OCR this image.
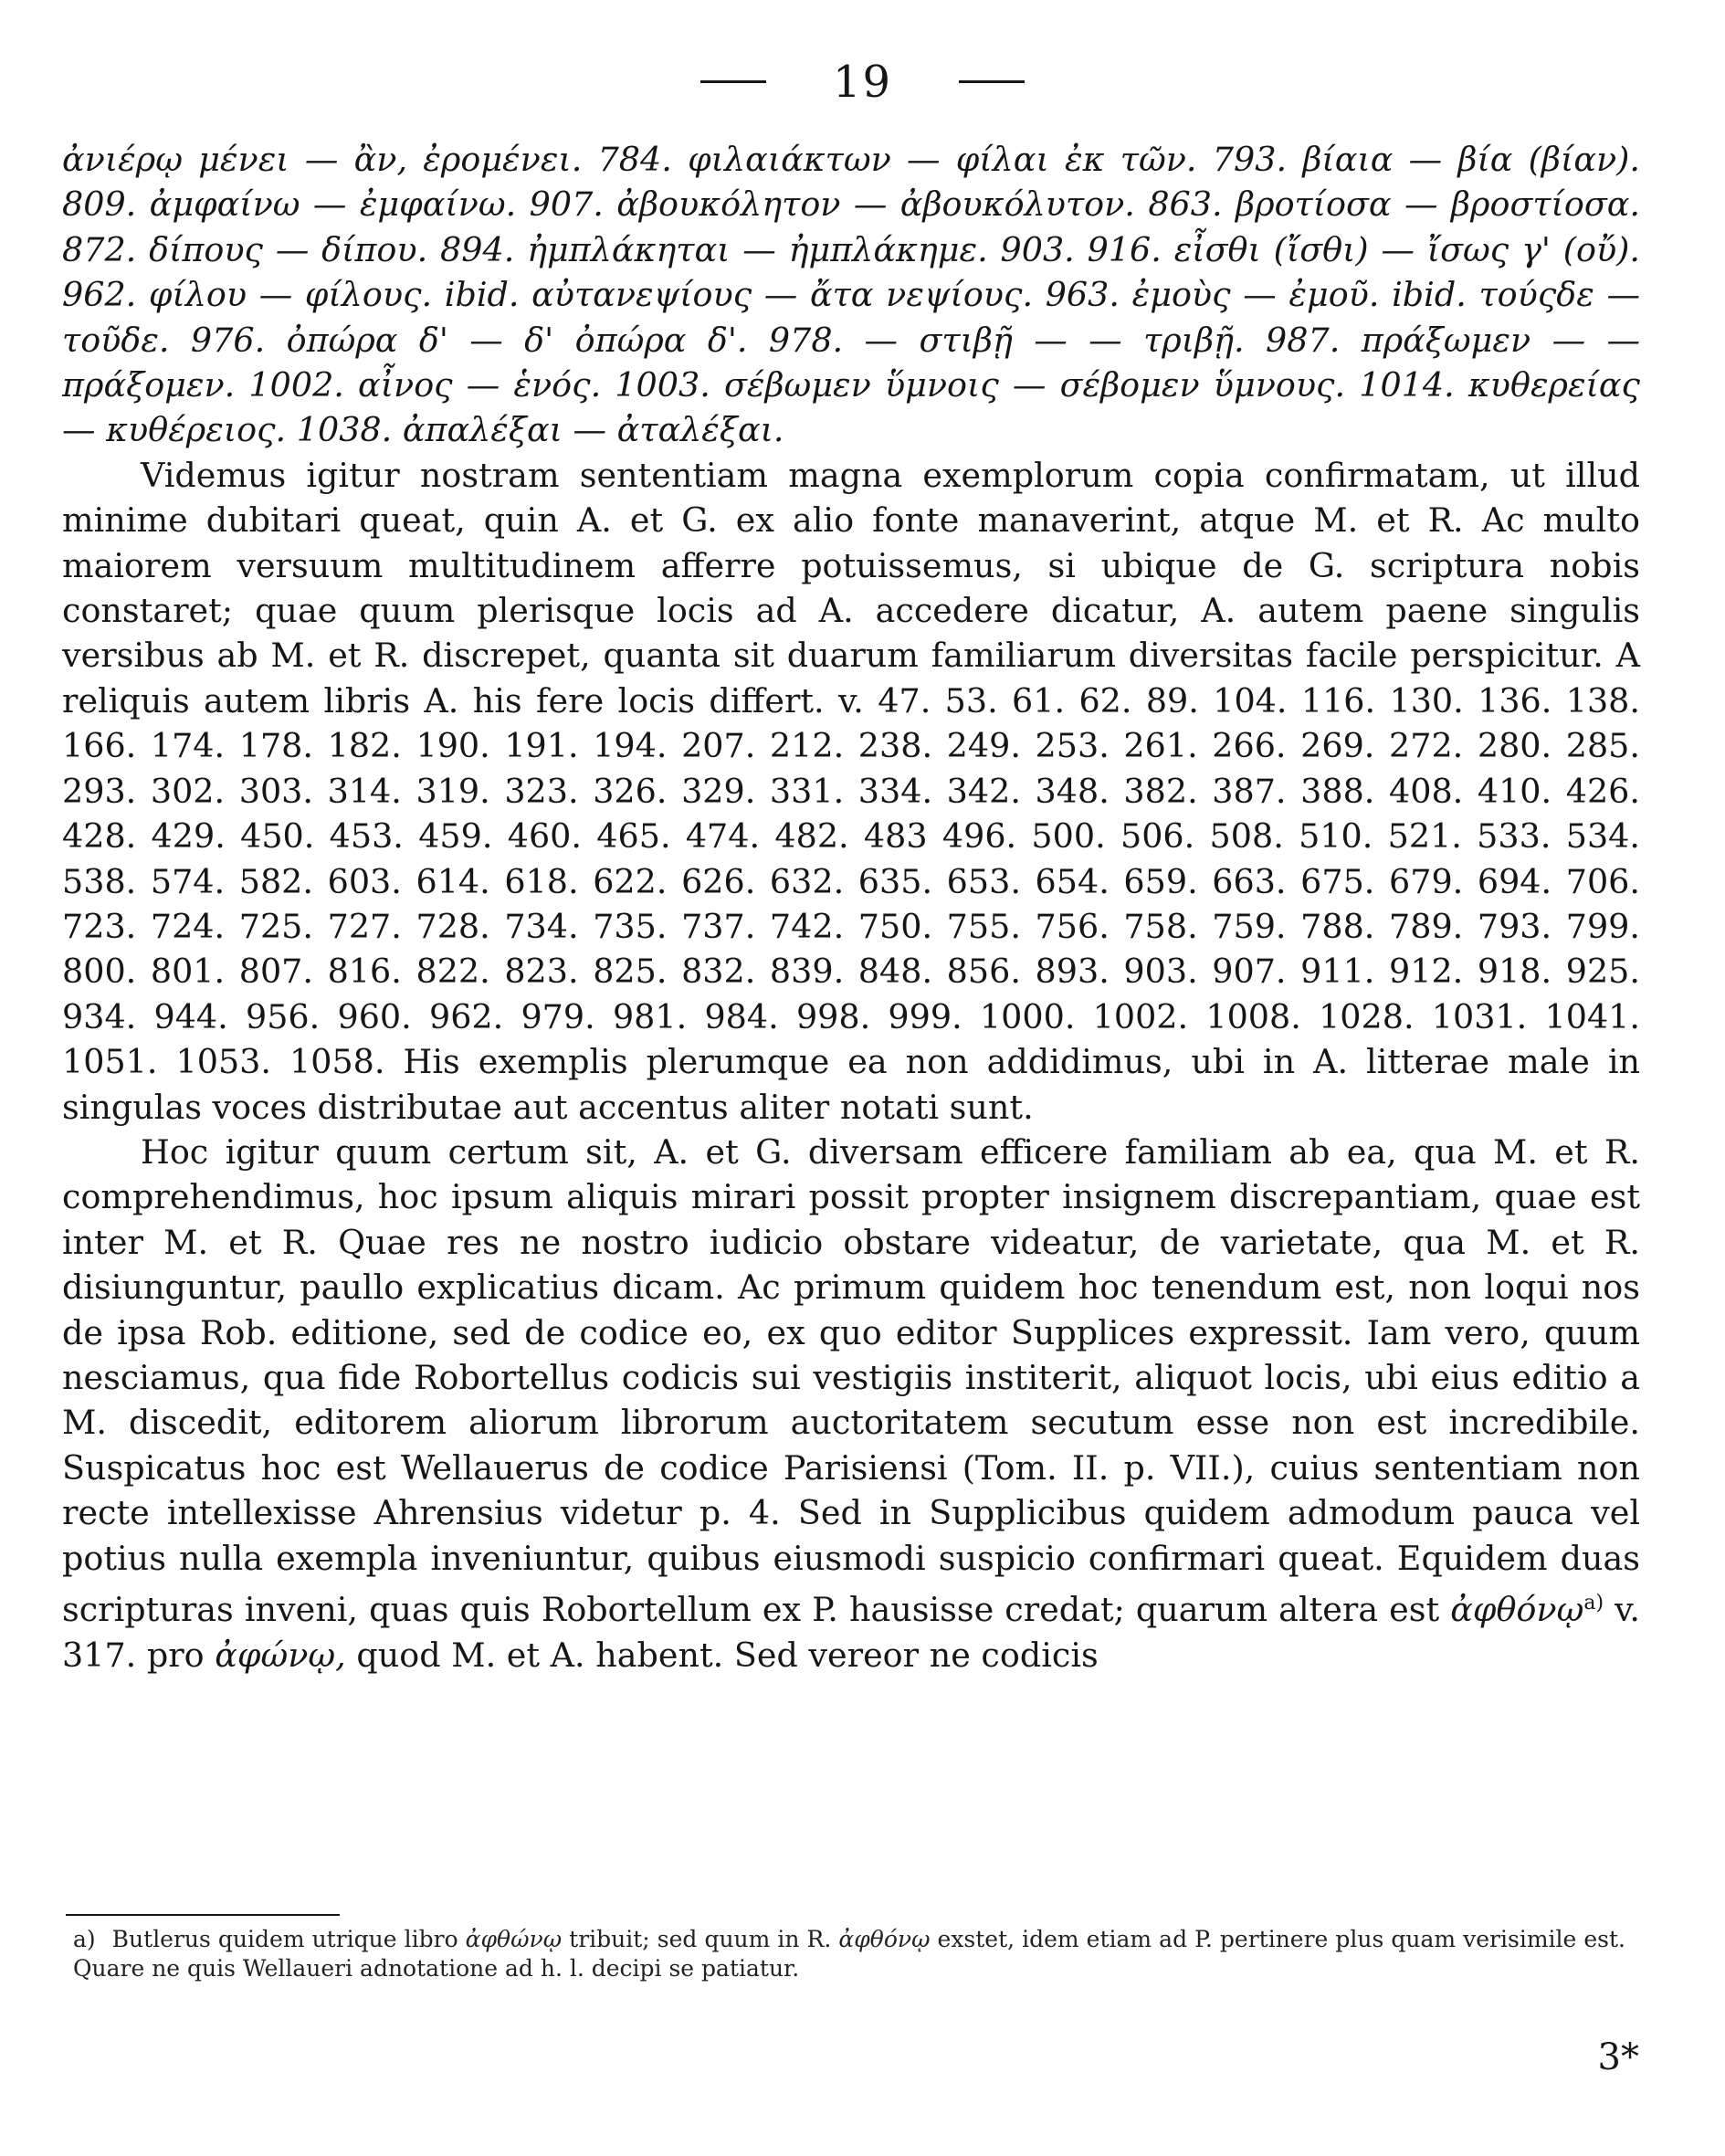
19

ἀνιέρῳ μένει — ἂν, ἐρομένει. 784. φιλαιάκτων — φίλαι ἐκ τῶν. 793. βίαια — βία (βίαν). 809. ἀμφαίνω — ἐμφαίνω. 907. ἀβουκόλητον — ἀβουκόλυτον. 863. βροτίοσα — βροστίοσα. 872. δίπους — δίπου. 894. ἠμπλάκηται — ἠμπλάκημε. 903. 916. εἶσθι (ἴσθι) — ἴσως γ' (οὔ). 962. φίλου — φίλους. ibid. αὐτανεψίους — ἄτα νεψίους. 963. ἐμοὺς — ἐμοῦ. ibid. τούςδε — τοῦδε. 976. ὀπώρα δ' — δ' ὀπώρα δ'. 978. — στιβῇ — — τριβῇ. 987. πράξωμεν — — πράξομεν. 1002. αἶνος — ἑνός. 1003. σέβωμεν ὕμνοις — σέβομεν ὕμνους. 1014. κυθερείας — κυθέρειος. 1038. ἀπαλέξαι — ἀταλέξαι.

Videmus igitur nostram sententiam magna exemplorum copia confirmatam, ut illud minime dubitari queat, quin A. et G. ex alio fonte manaverint, atque M. et R. Ac multo maiorem versuum multitudinem afferre potuissemus, si ubique de G. scriptura nobis constaret; quae quum plerisque locis ad A. accedere dicatur, A. autem paene singulis versibus ab M. et R. discrepet, quanta sit duarum familiarum diversitas facile perspicitur. A reliquis autem libris A. his fere locis differt. v. 47. 53. 61. 62. 89. 104. 116. 130. 136. 138. 166. 174. 178. 182. 190. 191. 194. 207. 212. 238. 249. 253. 261. 266. 269. 272. 280. 285. 293. 302. 303. 314. 319. 323. 326. 329. 331. 334. 342. 348. 382. 387. 388. 408. 410. 426. 428. 429. 450. 453. 459. 460. 465. 474. 482. 483 496. 500. 506. 508. 510. 521. 533. 534. 538. 574. 582. 603. 614. 618. 622. 626. 632. 635. 653. 654. 659. 663. 675. 679. 694. 706. 723. 724. 725. 727. 728. 734. 735. 737. 742. 750. 755. 756. 758. 759. 788. 789. 793. 799. 800. 801. 807. 816. 822. 823. 825. 832. 839. 848. 856. 893. 903. 907. 911. 912. 918. 925. 934. 944. 956. 960. 962. 979. 981. 984. 998. 999. 1000. 1002. 1008. 1028. 1031. 1041. 1051. 1053. 1058. His exemplis plerumque ea non addidimus, ubi in A. litterae male in singulas voces distributae aut accentus aliter notati sunt.

Hoc igitur quum certum sit, A. et G. diversam efficere familiam ab ea, qua M. et R. comprehendimus, hoc ipsum aliquis mirari possit propter insignem discrepantiam, quae est inter M. et R. Quae res ne nostro iudicio obstare videatur, de varietate, qua M. et R. disiunguntur, paullo explicatius dicam. Ac primum quidem hoc tenendum est, non loqui nos de ipsa Rob. editione, sed de codice eo, ex quo editor Supplices expressit. Iam vero, quum nesciamus, qua fide Robortellus codicis sui vestigiis institerit, aliquot locis, ubi eius editio a M. discedit, editorem aliorum librorum auctoritatem secutum esse non est incredibile. Suspicatus hoc est Wellauerus de codice Parisiensi (Tom. II. p. VII.), cuius sententiam non recte intellexisse Ahrensius videtur p. 4. Sed in Supplicibus quidem admodum pauca vel potius nulla exempla inveniuntur, quibus eiusmodi suspicio confirmari queat. Equidem duas scripturas inveni, quas quis Robortellum ex P. hausisse credat; quarum altera est ἀφθόνῳ$^{a)}$ v. 317. pro ἀφώνῳ, quod M. et A. habent. Sed vereor ne codicis

a) Butlerus quidem utrique libro ἀφθώνῳ tribuit; sed quum in R. ἀφθόνῳ exstet, idem etiam ad P. pertinere plus quam verisimile est. Quare ne quis Wellaueri adnotatione ad h. l. decipi se patiatur.
3*
